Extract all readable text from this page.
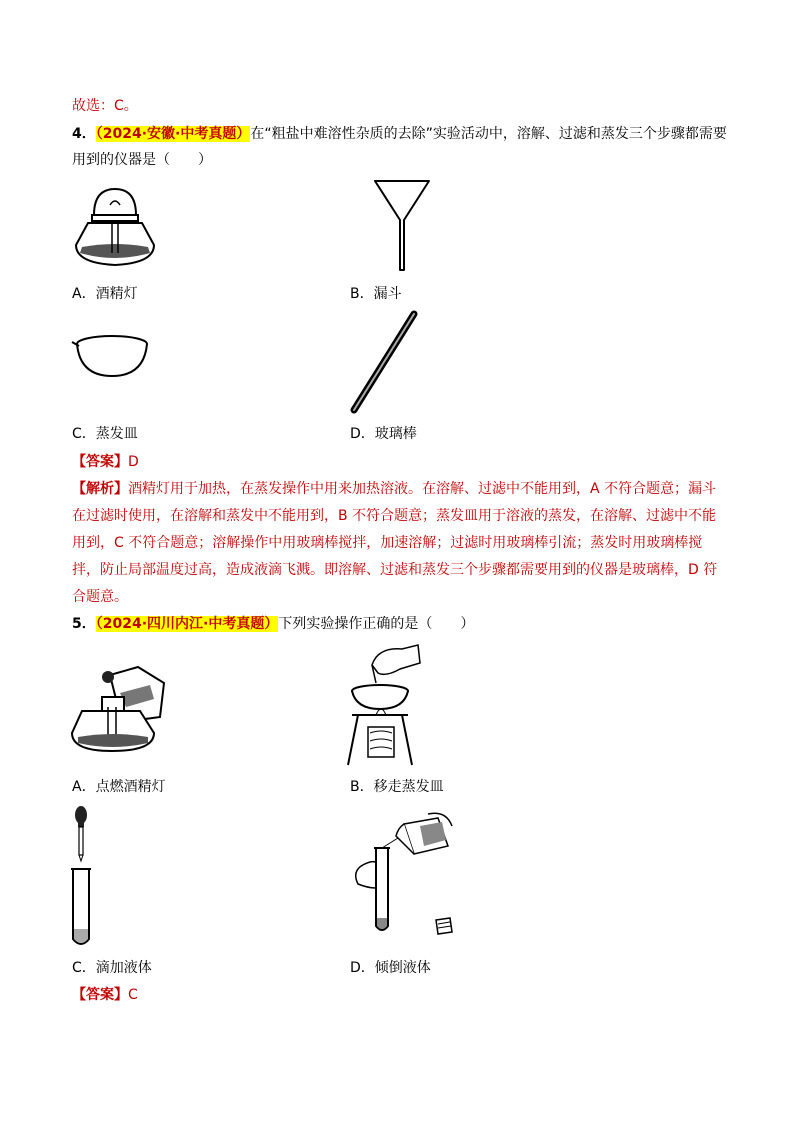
故选：C。
4．（2024·安徽·中考真题）在“粗盐中难溶性杂质的去除”实验活动中，溶解、过滤和蒸发三个步骤都需要
用到的仪器是（　　）
A．酒精灯	B．漏斗
C．蒸发皿	D．玻璃棒
【答案】D
【解析】酒精灯用于加热，在蒸发操作中用来加热溶液。在溶解、过滤中不能用到，A 不符合题意；漏斗
在过滤时使用，在溶解和蒸发中不能用到，B 不符合题意；蒸发皿用于溶液的蒸发，在溶解、过滤中不能
用到，C 不符合题意；溶解操作中用玻璃棒搅拌，加速溶解；过滤时用玻璃棒引流；蒸发时用玻璃棒搅
拌，防止局部温度过高，造成液滴飞溅。即溶解、过滤和蒸发三个步骤都需要用到的仪器是玻璃棒，D 符
合题意。
5．（2024·四川内江·中考真题）下列实验操作正确的是（　　）
A．点燃酒精灯	B．移走蒸发皿
C．滴加液体	D．倾倒液体
【答案】C
